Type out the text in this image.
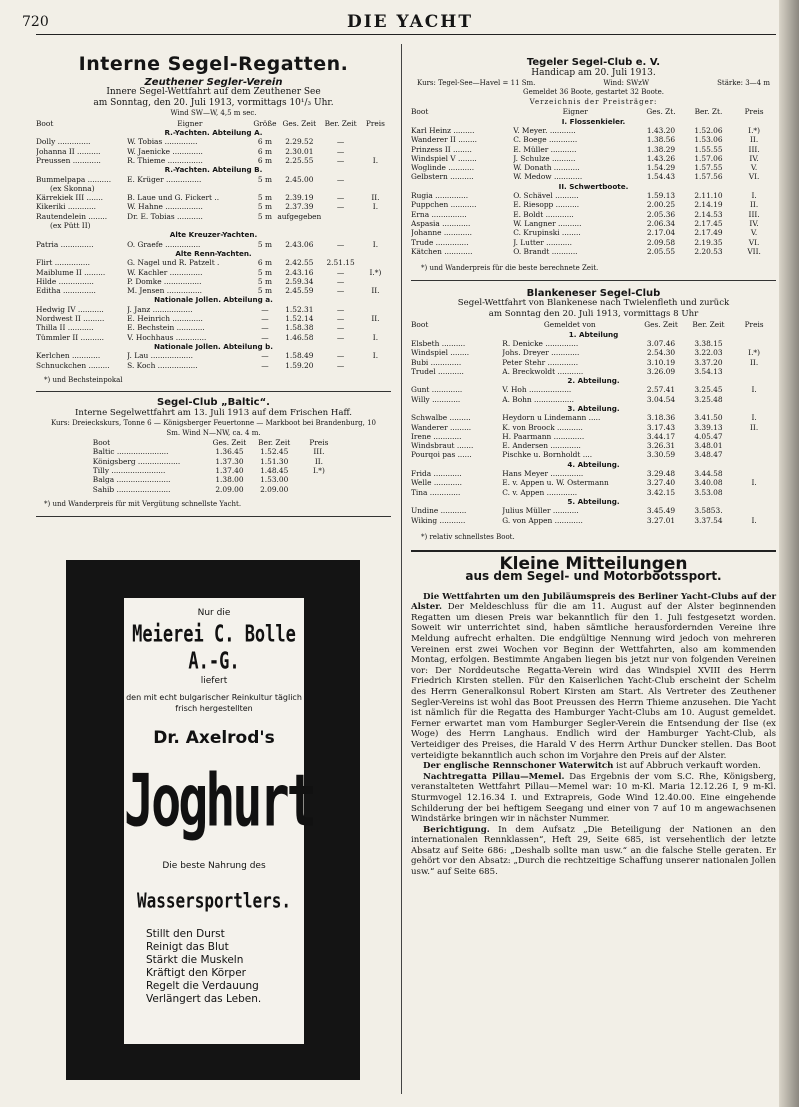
720	DIE YACHT
Interne Segel-Regatten.
Zeuthener Segler-Verein
Innere Segel-Wettfahrt auf dem Zeuthener See
am Sonntag, den 20. Juli 1913, vormittags 10¹/₃ Uhr.
Wind SW—W, 4,5 m sec.
Boot	Eigner	Größe	Ges. Zeit	Ber. Zeit	Preis
R.-Yachten. Abteilung A.					
Dolly ..............	W. Tobias ..............	6 m	2.29.52	—	
Johanna II ..........	W. Jaenicke .............	6 m	2.30.01	—	
Preussen ............	R. Thieme ...............	6 m	2.25.55	—	I.
R.-Yachten. Abteilung B.					
Bummelpapa ..........	E. Krüger ...............	5 m	2.45.00	—	
(ex Skonna)					
Kärrekiek III .......	B. Laue und G. Fickert ..	5 m	2.39.19	—	II.
Kikeriki ............	W. Hahne ................	5 m	2.37.39	—	I.
Rautendelein ........	Dr. E. Tobias ...........	5 m	aufgegeben		
(ex Pütt II)					
Alte Kreuzer-Yachten.					
Patria ..............	O. Graefe ...............	5 m	2.43.06	—	I.
Alte Renn-Yachten.					
Flirt ...............	G. Nagel und R. Patzelt .	6 m	2.42.55	2.51.15	
Maiblume II .........	W. Kachler ..............	5 m	2.43.16	—	I.*)
Hilde ...............	P. Domke ................	5 m	2.59.34	—	
Editha ..............	M. Jensen ...............	5 m	2.45.59	—	II.
Nationale Jollen. Abteilung a.					
Hedwig IV ...........	J. Janz .................	—	1.52.31	—	
Nordwest II .........	E. Heinrich .............	—	1.52.14	—	II.
Thilla II ...........	E. Bechstein ............	—	1.58.38	—	
Tümmler II ..........	V. Hochhaus .............	—	1.46.58	—	I.
Nationale Jollen. Abteilung b.					
Kerlchen ............	J. Lau ..................	—	1.58.49	—	I.
Schnuckchen .........	S. Koch .................	—	1.59.20	—	
*) und Bechsteinpokal
Segel-Club „Baltic“.
Interne Segelwettfahrt am 13. Juli 1913 auf dem Frischen Haff.
Kurs: Dreieckskurs, Tonne 6 — Königsberger Feuertonne — Markboot bei Brandenburg, 10 Sm. Wind N—NW, ca. 4 m.
Boot	Ges. Zeit	Ber. Zeit	Preis
Baltic ......................	1.36.45	1.52.45	III.
Königsberg ..................	1.37.30	1.51.30	II.
Tilly .......................	1.37.40	1.48.45	I.*)
Balga .......................	1.38.00	1.53.00	
Sahib .......................	2.09.00	2.09.00	
*) und Wanderpreis für mit Vergütung schnellste Yacht.
Nur die
Meierei C. Bolle A.-G.
liefert
den mit echt bulgarischer Reinkultur täglich frisch hergestellten
Dr. Axelrod's
Joghurt
Die beste Nahrung des
Wassersportlers.
Stillt den Durst
Reinigt das Blut
Stärkt die Muskeln
Kräftigt den Körper
Regelt die Verdauung
Verlängert das Leben.
Tegeler Segel-Club e. V.
Handicap am 20. Juli 1913.
Kurs: Tegel-See—Havel = 11 Sm.	Wind: SWzW	Stärke: 3—4 m
Gemeldet 36 Boote, gestartet 32 Boote.
Verzeichnis der Preisträger:
Boot	Eigner	Ges. Zt.	Ber. Zt.	Preis
I. Flossenkieler.				
Karl Heinz .........	V. Meyer. ...........	1.43.20	1.52.06	I.*)
Wanderer II ........	C. Boege ............	1.38.56	1.53.06	II.
Prinzess II ........	E. Müller ...........	1.38.29	1.55.55	III.
Windspiel V ........	J. Schulze ..........	1.43.26	1.57.06	IV.
Woglinde ...........	W. Donath ...........	1.54.29	1.57.55	V.
Gelbstern ..........	W. Medow ............	1.54.43	1.57.56	VI.
II. Schwertboote.				
Rugia ..............	O. Schävel ..........	1.59.13	2.11.10	I.
Puppchen ...........	E. Riesopp ..........	2.00.25	2.14.19	II.
Erna ...............	E. Boldt ............	2.05.36	2.14.53	III.
Aspasia ............	W. Langner ..........	2.06.34	2.17.45	IV.
Johanne ............	C. Krupinski ........	2.17.04	2.17.49	V.
Trude ..............	J. Lutter ...........	2.09.58	2.19.35	VI.
Kätchen ............	O. Brandt ...........	2.05.55	2.20.53	VII.
*) und Wanderpreis für die beste berechnete Zeit.
Blankeneser Segel-Club
Segel-Wettfahrt von Blankenese nach Twielenfleth und zurück
am Sonntag den 20. Juli 1913, vormittags 8 Uhr
Boot	Gemeldet von	Ges. Zeit	Ber. Zeit	Preis
1. Abteilung				
Elsbeth ..........	R. Denicke ..............	3.07.46	3.38.15	
Windspiel ........	Johs. Dreyer ............	2.54.30	3.22.03	I.*)
Bubi .............	Peter Stehr .............	3.10.19	3.37.20	II.
Trudel ...........	A. Breckwoldt ...........	3.26.09	3.54.13	
2. Abteilung.				
Gunt .............	V. Hoh ..................	2.57.41	3.25.45	I.
Willy ............	A. Bohn .................	3.04.54	3.25.48	
3. Abteilung.				
Schwalbe .........	Heydorn u Lindemann .....	3.18.36	3.41.50	I.
Wanderer .........	K. von Broock ...........	3.17.43	3.39.13	II.
Irene ............	H. Paarmann .............	3.44.17	4.05.47	
Windsbraut .......	E. Andersen .............	3.26.31	3.48.01	
Pourqoi pas ......	Pischke u. Bornholdt ....	3.30.59	3.48.47	
4. Abteilung.				
Frida ............	Hans Meyer ..............	3.29.48	3.44.58	
Welle ............	E. v. Appen u. W. Ostermann	3.27.40	3.40.08	I.
Tina .............	C. v. Appen .............	3.42.15	3.53.08	
5. Abteilung.				
Undine ...........	Julius Müller ...........	3.45.49	3.5853.	
Wiking ...........	G. von Appen ............	3.27.01	3.37.54	I.
*) relativ schnellstes Boot.
Kleine Mitteilungen
aus dem Segel- und Motorbootssport.

Die Wettfahrten um den Jubiläumspreis des Berliner Yacht-Clubs auf der Alster. Der Meldeschluss für die am 11. August auf der Alster beginnenden Regatten um diesen Preis war bekanntlich für den 1. Juli festgesetzt worden. Soweit wir unterrichtet sind, haben sämtliche herausfordernden Vereine ihre Meldung aufrecht erhalten. Die endgültige Nennung wird jedoch von mehreren Vereinen erst zwei Wochen vor Beginn der Wettfahrten, also am kommenden Montag, erfolgen. Bestimmte Angaben liegen bis jetzt nur von folgenden Vereinen vor: Der Norddeutsche Regatta-Verein wird das Windspiel XVIII des Herrn Friedrich Kirsten stellen. Für den Kaiserlichen Yacht-Club erscheint der Schelm des Herrn Generalkonsul Robert Kirsten am Start. Als Vertreter des Zeuthener Segler-Vereins ist wohl das Boot Preussen des Herrn Thieme anzusehen. Die Yacht ist nämlich für die Regatta des Hamburger Yacht-Clubs am 10. August gemeldet. Ferner erwartet man vom Hamburger Segler-Verein die Entsendung der Ilse (ex Woge) des Herrn Langhaus. Endlich wird der Hamburger Yacht-Club, als Verteidiger des Preises, die Harald V des Herrn Arthur Duncker stellen. Das Boot verteidigte bekanntlich auch schon im Vorjahre den Preis auf der Alster.

Der englische Rennschoner Waterwitch ist auf Abbruch verkauft worden.

Nachtregatta Pillau—Memel. Das Ergebnis der vom S.C. Rhe, Königsberg, veranstalteten Wettfahrt Pillau—Memel war: 10 m-Kl. Maria 12.12.26 I, 9 m-Kl. Sturmvogel 12.16.34 I. und Extrapreis, Gode Wind 12.40.00. Eine eingehende Schilderung der bei heftigem Seegang und einer von 7 auf 10 m angewachsenen Windstärke bringen wir in nächster Nummer.

Berichtigung. In dem Aufsatz „Die Beteiligung der Nationen an den internationalen Rennklassen“, Heft 29, Seite 685, ist versehentlich der letzte Absatz auf Seite 686: „Deshalb sollte man usw.“ an die falsche Stelle geraten. Er gehört vor den Absatz: „Durch die rechtzeitige Schaffung unserer nationalen Jollen usw.“ auf Seite 685.
